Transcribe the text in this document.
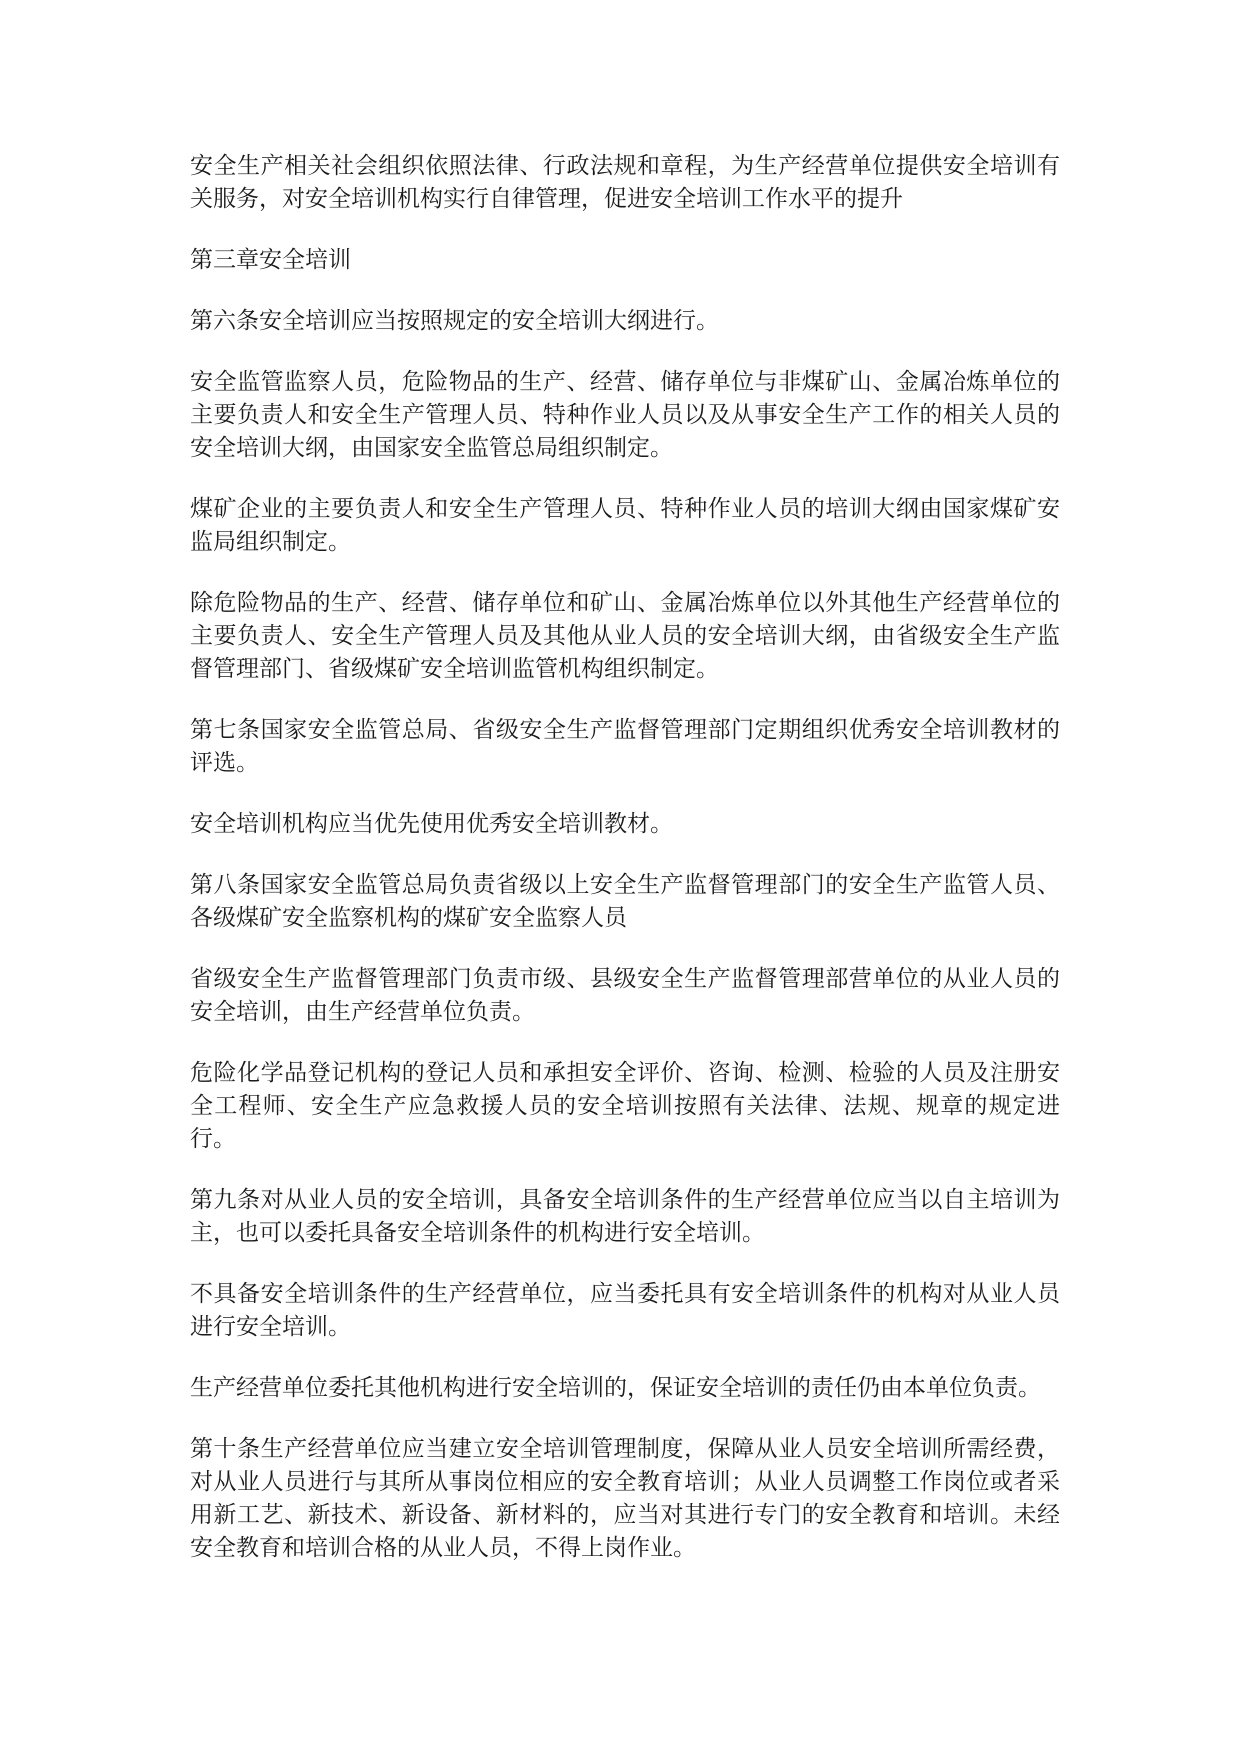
安全生产相关社会组织依照法律、行政法规和章程，为生产经营单位提供安全培训有关服务，对安全培训机构实行自律管理，促进安全培训工作水平的提升

第三章安全培训

第六条安全培训应当按照规定的安全培训大纲进行。

安全监管监察人员，危险物品的生产、经营、储存单位与非煤矿山、金属冶炼单位的主要负责人和安全生产管理人员、特种作业人员以及从事安全生产工作的相关人员的安全培训大纲，由国家安全监管总局组织制定。

煤矿企业的主要负责人和安全生产管理人员、特种作业人员的培训大纲由国家煤矿安监局组织制定。

除危险物品的生产、经营、储存单位和矿山、金属冶炼单位以外其他生产经营单位的主要负责人、安全生产管理人员及其他从业人员的安全培训大纲，由省级安全生产监督管理部门、省级煤矿安全培训监管机构组织制定。

第七条国家安全监管总局、省级安全生产监督管理部门定期组织优秀安全培训教材的评选。

安全培训机构应当优先使用优秀安全培训教材。

第八条国家安全监管总局负责省级以上安全生产监督管理部门的安全生产监管人员、各级煤矿安全监察机构的煤矿安全监察人员

省级安全生产监督管理部门负责市级、县级安全生产监督管理部营单位的从业人员的安全培训，由生产经营单位负责。

危险化学品登记机构的登记人员和承担安全评价、咨询、检测、检验的人员及注册安全工程师、安全生产应急救援人员的安全培训按照有关法律、法规、规章的规定进行。

第九条对从业人员的安全培训，具备安全培训条件的生产经营单位应当以自主培训为主，也可以委托具备安全培训条件的机构进行安全培训。

不具备安全培训条件的生产经营单位，应当委托具有安全培训条件的机构对从业人员进行安全培训。

生产经营单位委托其他机构进行安全培训的，保证安全培训的责任仍由本单位负责。

第十条生产经营单位应当建立安全培训管理制度，保障从业人员安全培训所需经费，对从业人员进行与其所从事岗位相应的安全教育培训；从业人员调整工作岗位或者采用新工艺、新技术、新设备、新材料的，应当对其进行专门的安全教育和培训。未经安全教育和培训合格的从业人员，不得上岗作业。
